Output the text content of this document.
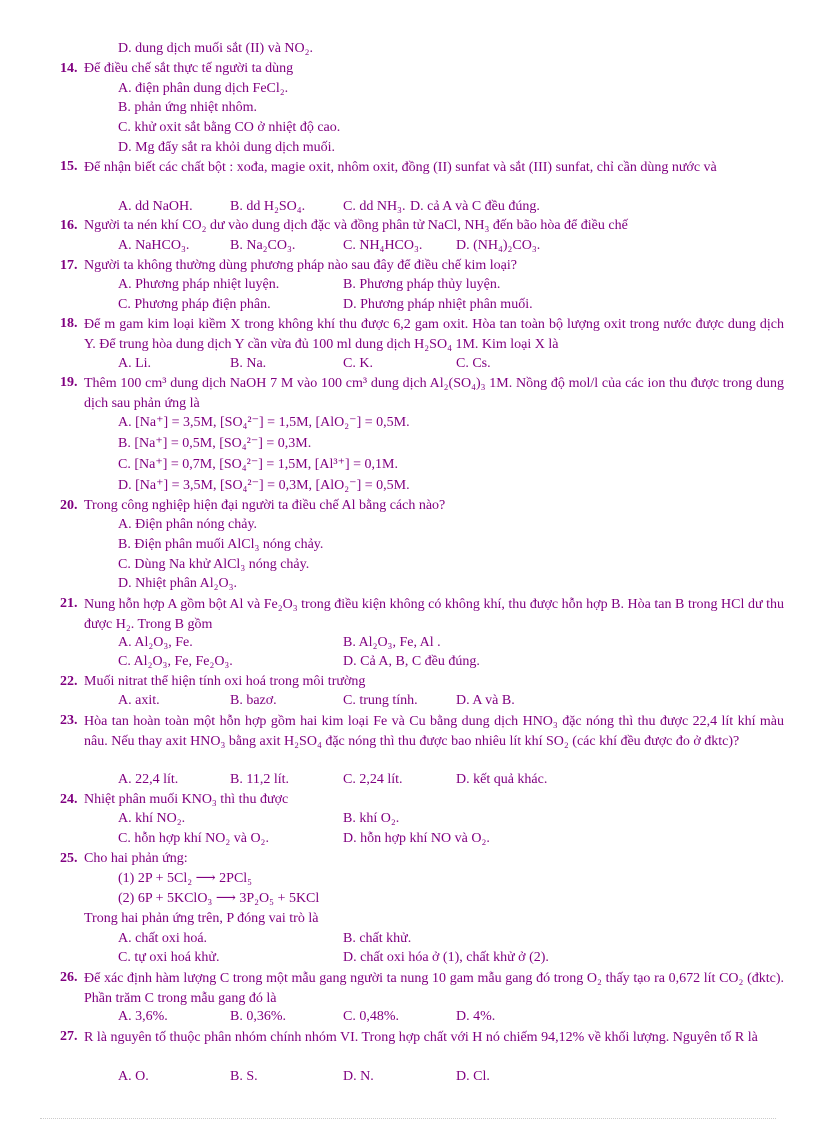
D. dung dịch muối sắt (II) và NO₂.
14. Để điều chế sắt thực tế người ta dùng
A. điện phân dung dịch FeCl₂.
B. phản ứng nhiệt nhôm.
C. khử oxit sắt bằng CO ở nhiệt độ cao.
D. Mg đẩy sắt ra khỏi dung dịch muối.
15. Để nhận biết các chất bột : xođa, magie oxit, nhôm oxit, đồng (II) sunfat và sắt (III) sunfat, chỉ cần dùng nước và
A. dd NaOH.	B. dd H₂SO₄.	C. dd NH₃. D. cả A và C đều đúng.
16. Người ta nén khí CO₂ dư vào dung dịch đặc và đồng phân tử NaCl, NH₃ đến bão hòa để điều chế
A. NaHCO₃.	B. Na₂CO₃.	C. NH₄HCO₃. D. (NH₄)₂CO₃.
17. Người ta không thường dùng phương pháp nào sau đây để điều chế kim loại?
A. Phương pháp nhiệt luyện.	B. Phương pháp thủy luyện.
C. Phương pháp điện phân.	D. Phương pháp nhiệt phân muối.
18. Để m gam kim loại kiềm X trong không khí thu được 6,2 gam oxit. Hòa tan toàn bộ lượng oxit trong nước được dung dịch Y. Để trung hòa dung dịch Y cần vừa đủ 100 ml dung dịch H₂SO₄ 1M. Kim loại X là
A. Li.	B. Na.	C. K.	C. Cs.
19. Thêm 100 cm³ dung dịch NaOH 7 M vào 100 cm³ dung dịch Al₂(SO₄)₃ 1M. Nồng độ mol/l của các ion thu được trong dung dịch sau phản ứng là
A. [Na⁺] = 3,5M, [SO₄²⁻] = 1,5M, [AlO₂⁻] = 0,5M.
B. [Na⁺] = 0,5M, [SO₄²⁻] = 0,3M.
C. [Na⁺] = 0,7M, [SO₄²⁻] = 1,5M, [Al³⁺] = 0,1M.
D. [Na⁺] = 3,5M, [SO₄²⁻] = 0,3M, [AlO₂⁻] = 0,5M.
20. Trong công nghiệp hiện đại người ta điều chế Al bằng cách nào?
A. Điện phân nóng chảy.
B. Điện phân muối AlCl₃ nóng chảy.
C. Dùng Na khử AlCl₃ nóng chảy.
D. Nhiệt phân Al₂O₃.
21. Nung hỗn hợp A gồm bột Al và Fe₂O₃ trong điều kiện không có không khí, thu được hỗn hợp B. Hòa tan B trong HCl dư thu được H₂. Trong B gồm
A. Al₂O₃, Fe.	B. Al₂O₃, Fe, Al .
C. Al₂O₃, Fe, Fe₂O₃.	D. Cả A, B, C đều đúng.
22. Muối nitrat thể hiện tính oxi hoá trong môi trường
A. axit.	B. bazơ.	C. trung tính.	D. A và B.
23. Hòa tan hoàn toàn một hỗn hợp gồm hai kim loại Fe và Cu bằng dung dịch HNO₃ đặc nóng thì thu được 22,4 lít khí màu nâu. Nếu thay axit HNO₃ bằng axit H₂SO₄ đặc nóng thì thu được bao nhiêu lít khí SO₂ (các khí đều được đo ở đktc)?
A. 22,4 lít.	B. 11,2 lít.	C. 2,24 lít.	D. kết quả khác.
24. Nhiệt phân muối KNO₃ thì thu được
A. khí NO₂.	B. khí O₂.
C. hỗn hợp khí NO₂ và O₂.	D. hỗn hợp khí NO và O₂.
25. Cho hai phản ứng:
(1) 2P + 5Cl₂ ⟶ 2PCl₅
(2) 6P + 5KClO₃ ⟶ 3P₂O₅ + 5KCl
Trong hai phản ứng trên, P đóng vai trò là
A. chất oxi hoá.	B. chất khử.
C. tự oxi hoá khử.	D. chất oxi hóa ở (1), chất khử ở (2).
26. Để xác định hàm lượng C trong một mẫu gang người ta nung 10 gam mẫu gang đó trong O₂ thấy tạo ra 0,672 lít CO₂ (đktc). Phần trăm C trong mẫu gang đó là
A. 3,6%.	B. 0,36%.	C. 0,48%.	D. 4%.
27. R là nguyên tố thuộc phân nhóm chính nhóm VI. Trong hợp chất với H nó chiếm 94,12% về khối lượng. Nguyên tố R là
A. O.	B. S.	D. N.	D. Cl.
